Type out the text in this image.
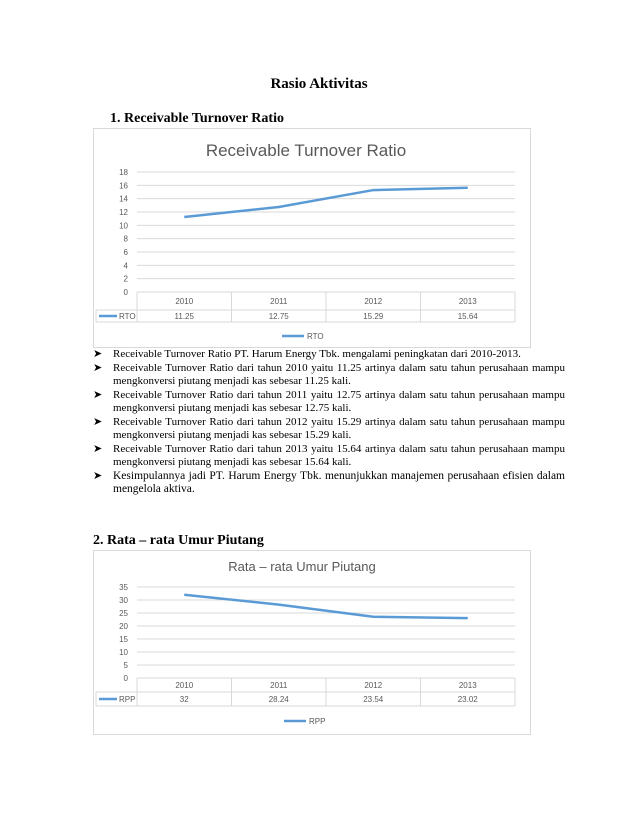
Rasio Aktivitas
1. Receivable Turnover Ratio
Receivable Turnover Ratio
0
2
4
6
8
10
12
14
16
18
2010	2011	2012	2013
11.25	12.75	15.29	15.64
RTO
RTO
➤ Receivable Turnover Ratio PT. Harum Energy Tbk. mengalami peningkatan dari 2010-2013.
➤ Receivable Turnover Ratio dari tahun 2010 yaitu 11.25 artinya dalam satu tahun perusahaan mampu mengkonversi piutang menjadi kas sebesar 11.25 kali.
➤ Receivable Turnover Ratio dari tahun 2011 yaitu 12.75 artinya dalam satu tahun perusahaan mampu mengkonversi piutang menjadi kas sebesar 12.75 kali.
➤ Receivable Turnover Ratio dari tahun 2012 yaitu 15.29 artinya dalam satu tahun perusahaan mampu mengkonversi piutang menjadi kas sebesar 15.29 kali.
➤ Receivable Turnover Ratio dari tahun 2013 yaitu 15.64 artinya dalam satu tahun perusahaan mampu mengkonversi piutang menjadi kas sebesar 15.64 kali.
➤ Kesimpulannya jadi PT. Harum Energy Tbk. menunjukkan manajemen perusahaan efisien dalam mengelola aktiva.
2. Rata – rata Umur Piutang
Rata – rata Umur Piutang
0
5
10
15
20
25
30
35
2010	2011	2012	2013
32	28.24	23.54	23.02
RPP
RPP
